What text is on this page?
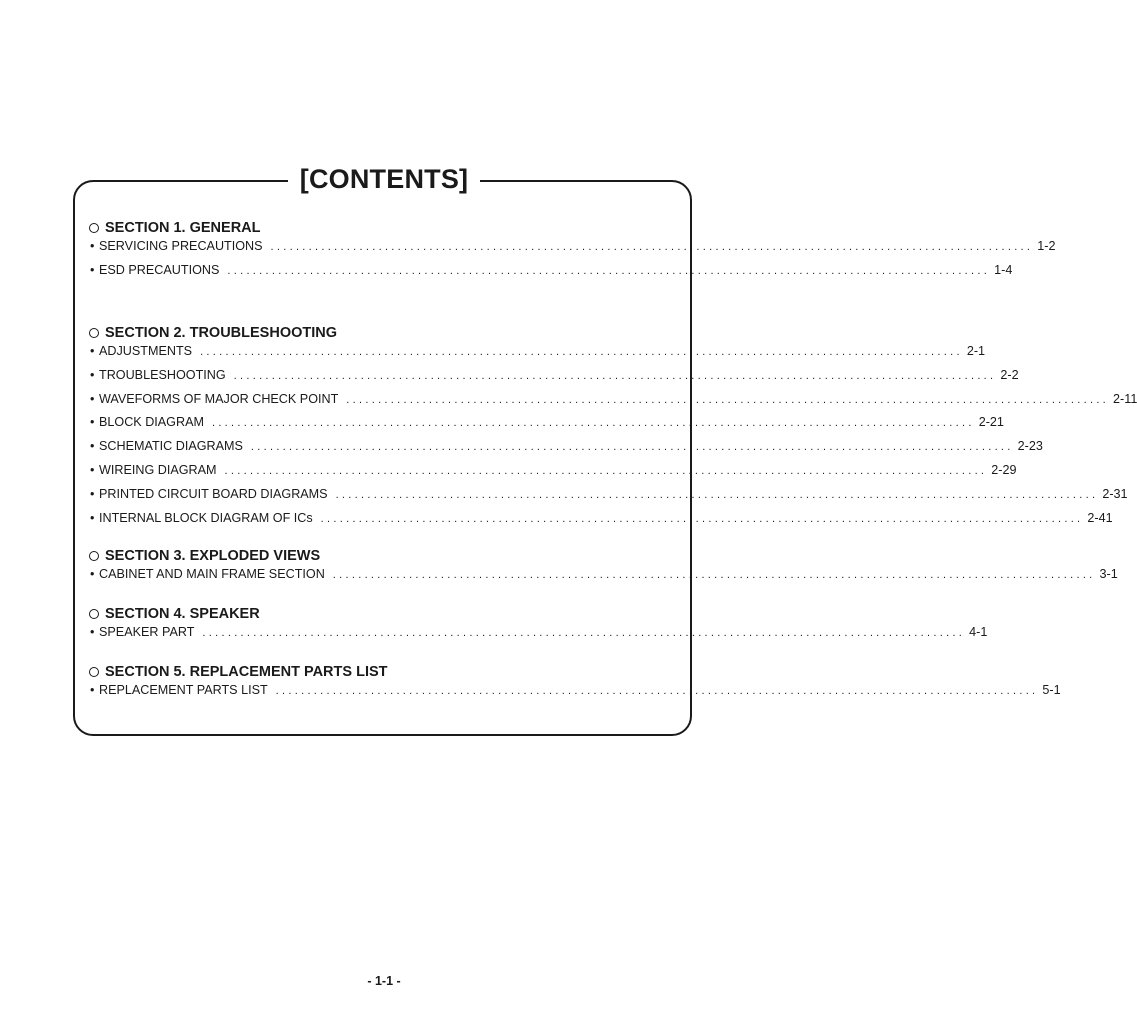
[CONTENTS]
SECTION 1. GENERAL
• SERVICING PRECAUTIONS ........................................................................................................................ 1-2
• ESD PRECAUTIONS ........................................................................................................................ 1-4
SECTION 2. TROUBLESHOOTING
• ADJUSTMENTS ........................................................................................................................ 2-1
• TROUBLESHOOTING ........................................................................................................................ 2-2
• WAVEFORMS OF MAJOR CHECK POINT ........................................................................................................................ 2-11
• BLOCK DIAGRAM ........................................................................................................................ 2-21
• SCHEMATIC DIAGRAMS ........................................................................................................................ 2-23
• WIREING DIAGRAM ........................................................................................................................ 2-29
• PRINTED CIRCUIT BOARD DIAGRAMS ........................................................................................................................ 2-31
• INTERNAL BLOCK DIAGRAM OF ICs ........................................................................................................................ 2-41
SECTION 3. EXPLODED VIEWS
• CABINET AND MAIN FRAME SECTION ........................................................................................................................ 3-1
SECTION 4. SPEAKER
• SPEAKER PART ........................................................................................................................ 4-1
SECTION 5. REPLACEMENT PARTS LIST
• REPLACEMENT PARTS LIST ........................................................................................................................ 5-1
- 1-1 -
